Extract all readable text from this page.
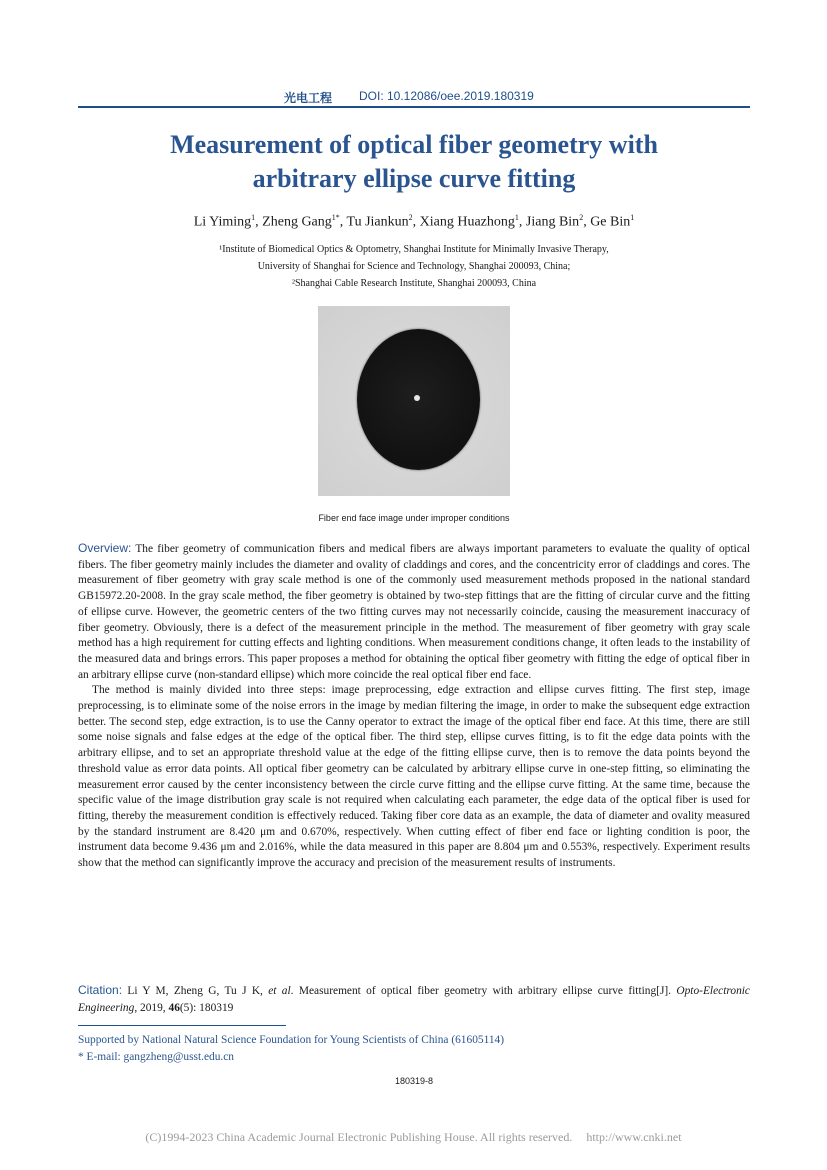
光电工程 DOI: 10.12086/oee.2019.180319
Measurement of optical fiber geometry with
arbitrary ellipse curve fitting
Li Yiming$^1$, Zheng Gang$^{1*}$, Tu Jiankun$^2$, Xiang Huazhong$^1$, Jiang Bin$^2$, Ge Bin$^1$
¹Institute of Biomedical Optics & Optometry, Shanghai Institute for Minimally Invasive Therapy,
University of Shanghai for Science and Technology, Shanghai 200093, China;
²Shanghai Cable Research Institute, Shanghai 200093, China
Fiber end face image under improper conditions

Overview: The fiber geometry of communication fibers and medical fibers are always important parameters to evaluate the quality of optical fibers. The fiber geometry mainly includes the diameter and ovality of claddings and cores, and the concentricity error of claddings and cores. The measurement of fiber geometry with gray scale method is one of the commonly used measurement methods proposed in the national standard GB15972.20-2008. In the gray scale method, the fiber geometry is obtained by two-step fittings that are the fitting of circular curve and the fitting of ellipse curve. However, the geometric centers of the two fitting curves may not necessarily coincide, causing the measurement inaccuracy of fiber geometry. Obviously, there is a defect of the measurement principle in the method. The measurement of fiber geometry with gray scale method has a high requirement for cutting effects and lighting conditions. When measurement conditions change, it often leads to the instability of the measured data and brings errors. This paper proposes a method for obtaining the optical fiber geometry with fitting the edge of optical fiber in an arbitrary ellipse curve (non-standard ellipse) which more coincide the real optical fiber end face.

The method is mainly divided into three steps: image preprocessing, edge extraction and ellipse curves fitting. The first step, image preprocessing, is to eliminate some of the noise errors in the image by median filtering the image, in order to make the subsequent edge extraction better. The second step, edge extraction, is to use the Canny operator to extract the image of the optical fiber end face. At this time, there are still some noise signals and false edges at the edge of the optical fiber. The third step, ellipse curves fitting, is to fit the edge data points with the arbitrary ellipse, and to set an appropriate threshold value at the edge of the fitting ellipse curve, then is to remove the data points beyond the threshold value as error data points. All optical fiber geometry can be calculated by arbitrary ellipse curve in one-step fitting, so eliminating the measurement error caused by the center inconsistency between the circle curve fitting and the ellipse curve fitting. At the same time, because the specific value of the image distribution gray scale is not required when calculating each parameter, the edge data of the optical fiber is used for fitting, thereby the measurement condition is effectively reduced. Taking fiber core data as an example, the data of diameter and ovality measured by the standard instrument are 8.420 μm and 0.670%, respectively. When cutting effect of fiber end face or lighting condition is poor, the instrument data become 9.436 μm and 2.016%, while the data measured in this paper are 8.804 μm and 0.553%, respectively. Experiment results show that the method can significantly improve the accuracy and precision of the measurement results of instruments.

Citation: Li Y M, Zheng G, Tu J K, et al. Measurement of optical fiber geometry with arbitrary ellipse curve fitting[J]. Opto-Electronic Engineering, 2019, 46(5): 180319
Supported by National Natural Science Foundation for Young Scientists of China (61605114)
* E-mail: gangzheng@usst.edu.cn
180319-8
(C)1994-2023 China Academic Journal Electronic Publishing House. All rights reserved. http://www.cnki.net
